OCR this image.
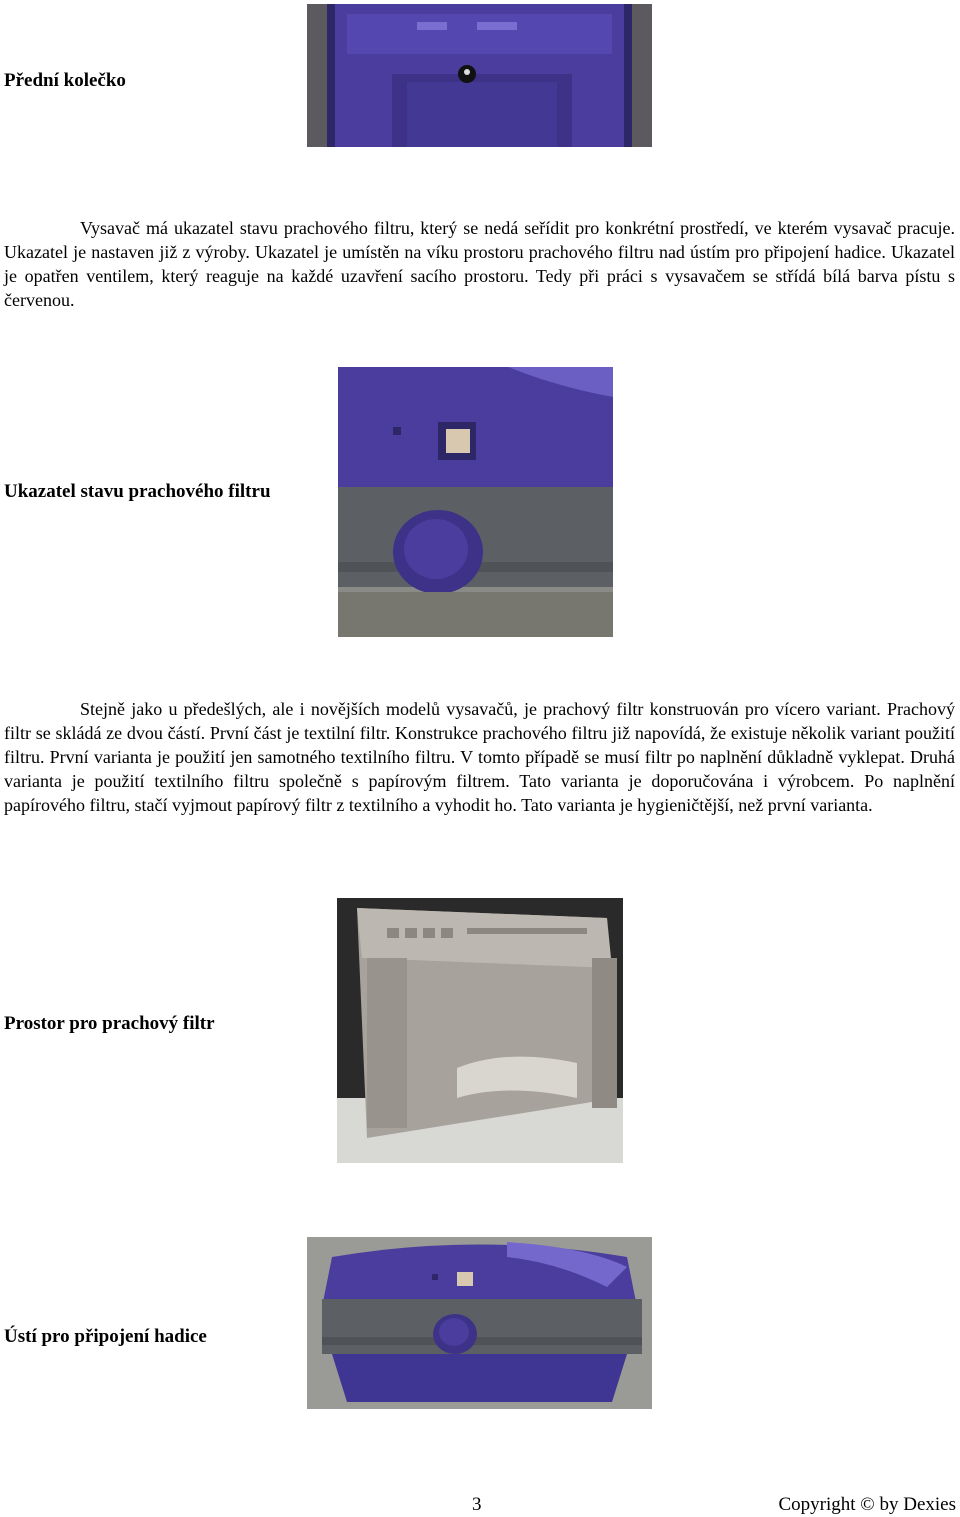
Přední kolečko

Vysavač má ukazatel stavu prachového filtru, který se nedá seřídit pro konkrétní prostředí, ve kterém vysavač pracuje. Ukazatel je nastaven již z výroby. Ukazatel je umístěn na víku prostoru prachového filtru nad ústím pro připojení hadice. Ukazatel je opatřen ventilem, který reaguje na každé uzavření sacího prostoru. Tedy při práci s vysavačem se střídá bílá barva pístu s červenou.

Ukazatel stavu prachového filtru

Stejně jako u předešlých, ale i novějších modelů vysavačů, je prachový filtr konstruován pro vícero variant. Prachový filtr se skládá ze dvou částí. První část je textilní filtr. Konstrukce prachového filtru již napovídá, že existuje několik variant použití filtru. První varianta je použití jen samotného textilního filtru. V tomto případě se musí filtr po naplnění důkladně vyklepat. Druhá varianta je použití textilního filtru společně s papírovým filtrem. Tato varianta je doporučována i výrobcem. Po naplnění papírového filtru, stačí vyjmout papírový filtr z textilního a vyhodit ho. Tato varianta je hygieničtější, než první varianta.

Prostor pro prachový filtr
Ústí pro připojení hadice
3	Copyright © by Dexies
